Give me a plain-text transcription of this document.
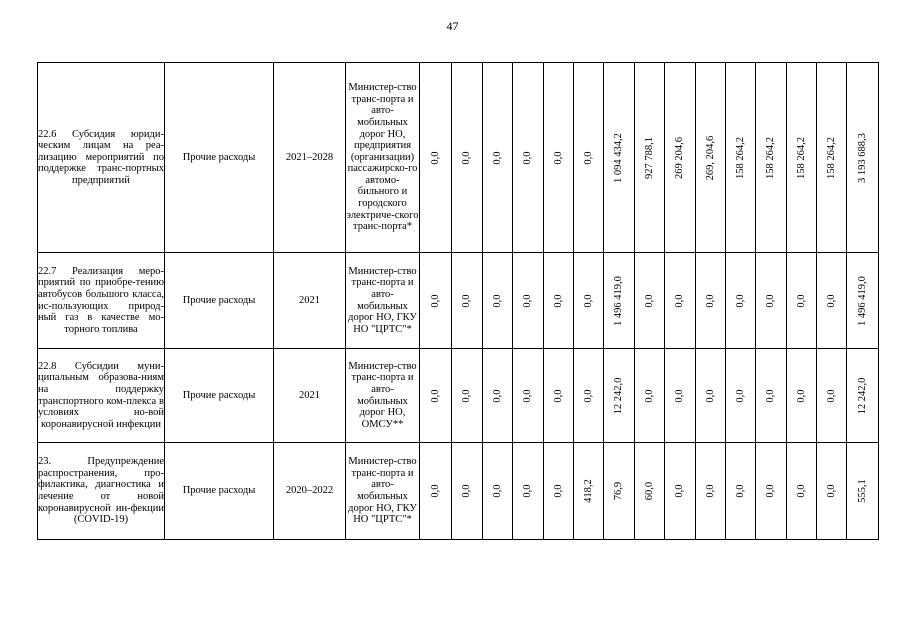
47
22.6 Субсидия юриди-ческим лицам на реа-лизацию мероприятий по поддержке транс-портных предприятий	Прочие расходы	2021–2028	Министер-ство транс-порта и авто-мобильных дорог НО, предприятия (организации) пассажирско-го автомо-бильного и городского электриче-ского транс-порта*	0,0	0,0	0,0	0,0	0,0	0,0	1 094 434,2	927 788,1	269 204,6	269, 204,6	158 264,2	158 264,2	158 264,2	158 264,2	3 193 688,3

22.7 Реализация меро-приятий по приобре-тению автобусов большого класса, ис-пользующих природ-ный газ в качестве мо-торного топлива	Прочие расходы	2021	Министер-ство транс-порта и авто-мобильных дорог НО, ГКУ НО "ЦРТС"*	0,0	0,0	0,0	0,0	0,0	0,0	1 496 419,0	0,0	0,0	0,0	0,0	0,0	0,0	0,0	1 496 419,0

22.8 Субсидии муни-ципальным образова-ниям на поддержку транспортного ком-плекса в условиях но-вой коронавирусной инфекции	Прочие расходы	2021	Министер-ство транс-порта и авто-мобильных дорог НО, ОМСУ**	0,0	0,0	0,0	0,0	0,0	0,0	12 242,0	0,0	0,0	0,0	0,0	0,0	0,0	0,0	12 242,0

23. Предупреждение распространения, про-филактика, диагностика и лечение от новой коронавирусной ин-фекции (COVID-19)	Прочие расходы	2020–2022	Министер-ство транс-порта и авто-мобильных дорог НО, ГКУ НО "ЦРТС"*	0,0	0,0	0,0	0,0	0,0	418,2	76,9	60,0	0,0	0,0	0,0	0,0	0,0	0,0	555,1
